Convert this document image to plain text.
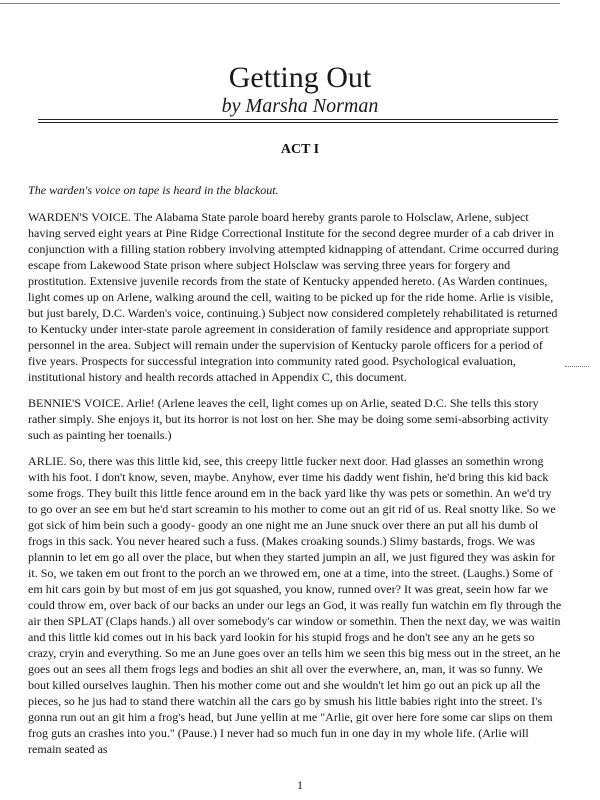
Getting Out
by Marsha Norman
ACT I

The warden's voice on tape is heard in the blackout.

WARDEN'S VOICE. The Alabama State parole board hereby grants parole to Holsclaw, Arlene, subject having served eight years at Pine Ridge Correctional Institute for the second degree murder of a cab driver in conjunction with a filling station robbery involving attempted kidnapping of attendant. Crime occurred during escape from Lakewood State prison where subject Holsclaw was serving three years for forgery and prostitution. Extensive juvenile records from the state of Kentucky appended hereto. (As Warden continues, light comes up on Arlene, walking around the cell, waiting to be picked up for the ride home. Arlie is visible, but just barely, D.C. Warden's voice, continuing.) Subject now considered completely rehabilitated is returned to Kentucky under inter-state parole agreement in consideration of family residence and appropriate support personnel in the area. Subject will remain under the supervision of Kentucky parole officers for a period of five years. Prospects for successful integration into community rated good. Psychological evaluation, institutional history and health records attached in Appendix C, this document.

BENNIE'S VOICE. Arlie! (Arlene leaves the cell, light comes up on Arlie, seated D.C. She tells this story rather simply. She enjoys it, but its horror is not lost on her. She may be doing some semi-absorbing activity such as painting her toenails.)

ARLIE. So, there was this little kid, see, this creepy little fucker next door. Had glasses an somethin wrong with his foot. I don't know, seven, maybe. Anyhow, ever time his daddy went fishin, he'd bring this kid back some frogs. They built this little fence around em in the back yard like thy was pets or somethin. An we'd try to go over an see em but he'd start screamin to his mother to come out an git rid of us. Real snotty like. So we got sick of him bein such a goody- goody an one night me an June snuck over there an put all his dumb ol frogs in this sack. You never heared such a fuss. (Makes croaking sounds.) Slimy bastards, frogs. We was plannin to let em go all over the place, but when they started jumpin an all, we just figured they was askin for it. So, we taken em out front to the porch an we throwed em, one at a time, into the street. (Laughs.) Some of em hit cars goin by but most of em jus got squashed, you know, runned over? It was great, seein how far we could throw em, over back of our backs an under our legs an God, it was really fun watchin em fly through the air then SPLAT (Claps hands.) all over somebody's car window or somethin. Then the next day, we was waitin and this little kid comes out in his back yard lookin for his stupid frogs and he don't see any an he gets so crazy, cryin and everything. So me an June goes over an tells him we seen this big mess out in the street, an he goes out an sees all them frogs legs and bodies an shit all over the everwhere, an, man, it was so funny. We bout killed ourselves laughin. Then his mother come out and she wouldn't let him go out an pick up all the pieces, so he jus had to stand there watchin all the cars go by smush his little babies right into the street. I's gonna run out an git him a frog's head, but June yellin at me "Arlie, git over here fore some car slips on them frog guts an crashes into you." (Pause.) I never had so much fun in one day in my whole life. (Arlie will remain seated as

1
